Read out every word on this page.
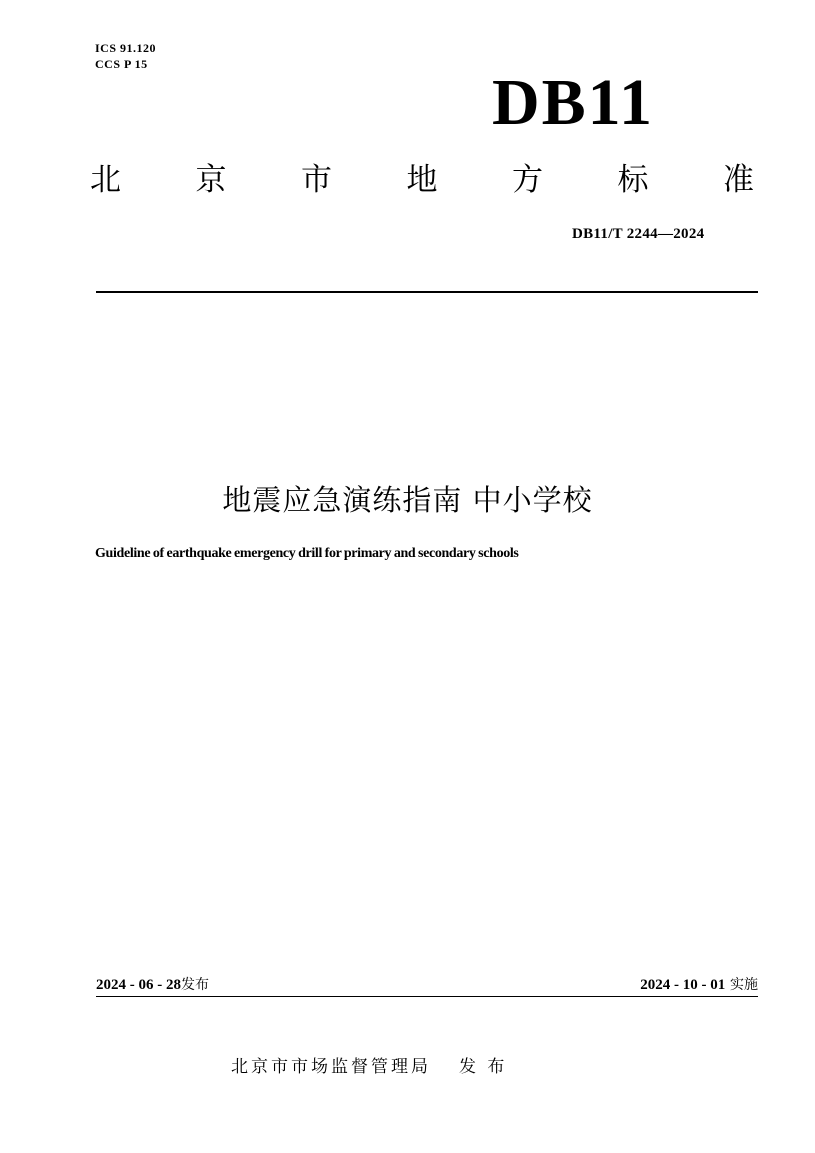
ICS 91.120
CCS P 15
DB11
北 京 市 地 方 标 准
DB11/T 2244—2024
地震应急演练指南 中小学校
Guideline of earthquake emergency drill for primary and secondary schools
2024 - 06 - 28发布	2024 - 10 - 01 实施
北京市市场监督管理局 发 布
